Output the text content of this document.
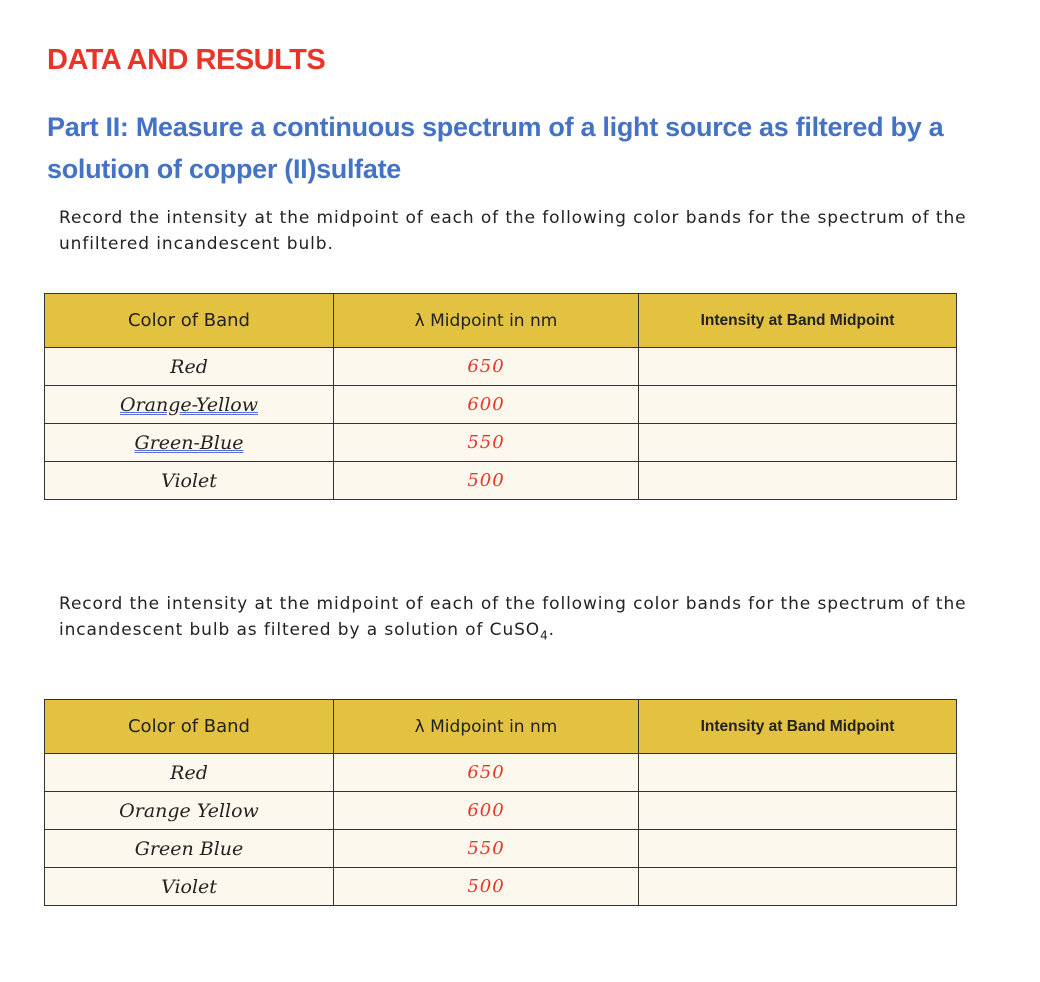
DATA AND RESULTS
Part II: Measure a continuous spectrum of a light source as filtered by a solution of copper (II)sulfate

Record the intensity at the midpoint of each of the following color bands for the spectrum of the unfiltered incandescent bulb.

Color of Band	λ Midpoint in nm	Intensity at Band Midpoint
Red	650	
Orange-Yellow	600	
Green-Blue	550	
Violet	500	

Record the intensity at the midpoint of each of the following color bands for the spectrum of the incandescent bulb as filtered by a solution of CuSO$_4$.

Color of Band	λ Midpoint in nm	Intensity at Band Midpoint
Red	650	
Orange Yellow	600	
Green Blue	550	
Violet	500	
